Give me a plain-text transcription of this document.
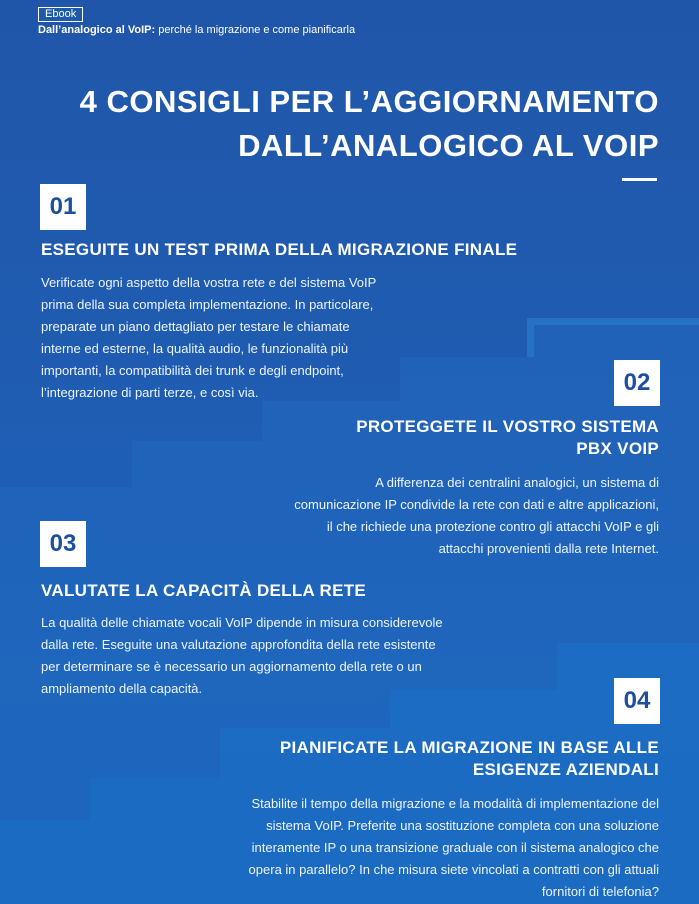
Ebook
Dall’analogico al VoIP: perché la migrazione e come pianificarla
4 CONSIGLI PER L’AGGIORNAMENTO
DALL’ANALOGICO AL VOIP
01
ESEGUITE UN TEST PRIMA DELLA MIGRAZIONE FINALE
Verificate ogni aspetto della vostra rete e del sistema VoIP
prima della sua completa implementazione. In particolare,
preparate un piano dettagliato per testare le chiamate
interne ed esterne, la qualità audio, le funzionalità più
importanti, la compatibilità dei trunk e degli endpoint,
l’integrazione di parti terze, e così via.	02
PROTEGGETE IL VOSTRO SISTEMA
PBX VOIP
A differenza dei centralini analogici, un sistema di
comunicazione IP condivide la rete con dati e altre applicazioni,
il che richiede una protezione contro gli attacchi VoIP e gli
attacchi provenienti dalla rete Internet.
03
VALUTATE LA CAPACITÀ DELLA RETE
La qualità delle chiamate vocali VoIP dipende in misura considerevole
dalla rete. Eseguite una valutazione approfondita della rete esistente
per determinare se è necessario un aggiornamento della rete o un
ampliamento della capacità.	04
PIANIFICATE LA MIGRAZIONE IN BASE ALLE
ESIGENZE AZIENDALI
Stabilite il tempo della migrazione e la modalità di implementazione del
sistema VoIP. Preferite una sostituzione completa con una soluzione
interamente IP o una transizione graduale con il sistema analogico che
opera in parallelo? In che misura siete vincolati a contratti con gli attuali
fornitori di telefonia?
